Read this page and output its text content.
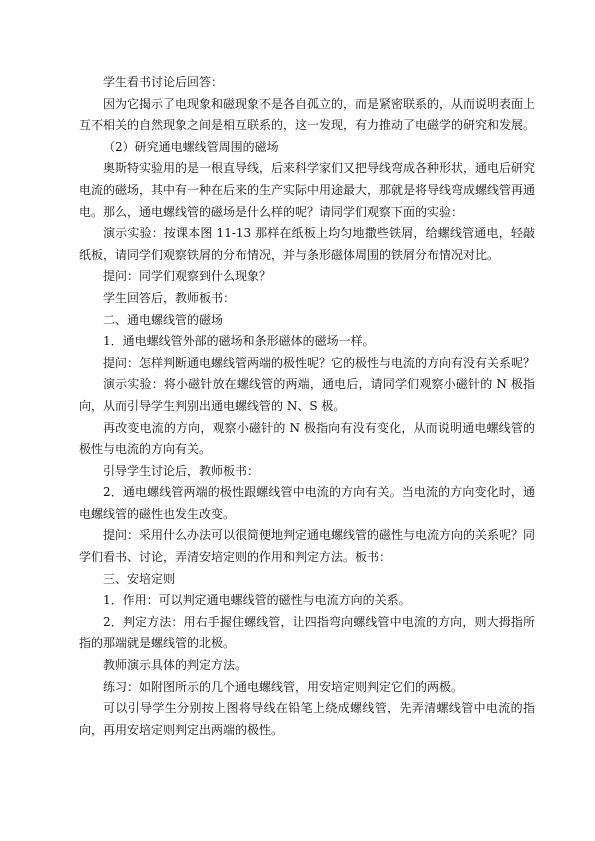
学生看书讨论后回答：

因为它揭示了电现象和磁现象不是各自孤立的，而是紧密联系的，从而说明表面上互不相关的自然现象之间是相互联系的，这一发现，有力推动了电磁学的研究和发展。

（2）研究通电螺线管周围的磁场

奥斯特实验用的是一根直导线，后来科学家们又把导线弯成各种形状，通电后研究电流的磁场，其中有一种在后来的生产实际中用途最大，那就是将导线弯成螺线管再通电。那么，通电螺线管的磁场是什么样的呢？请同学们观察下面的实验：

演示实验：按课本图 11-13 那样在纸板上均匀地撒些铁屑，给螺线管通电，轻敲纸板，请同学们观察铁屑的分布情况，并与条形磁体周围的铁屑分布情况对比。

提问：同学们观察到什么现象？

学生回答后，教师板书：

二、通电螺线管的磁场

1．通电螺线管外部的磁场和条形磁体的磁场一样。

提问：怎样判断通电螺线管两端的极性呢？它的极性与电流的方向有没有关系呢？

演示实验：将小磁针放在螺线管的两端，通电后，请同学们观察小磁针的 N 极指向，从而引导学生判别出通电螺线管的 N、S 极。

再改变电流的方向，观察小磁针的 N 极指向有没有变化，从而说明通电螺线管的极性与电流的方向有关。

引导学生讨论后，教师板书：

2．通电螺线管两端的极性跟螺线管中电流的方向有关。当电流的方向变化时，通电螺线管的磁性也发生改变。

提问：采用什么办法可以很简便地判定通电螺线管的磁性与电流方向的关系呢？同学们看书、讨论，弄清安培定则的作用和判定方法。板书：

三、安培定则

1．作用：可以判定通电螺线管的磁性与电流方向的关系。

2．判定方法：用右手握住螺线管，让四指弯向螺线管中电流的方向，则大拇指所指的那端就是螺线管的北极。

教师演示具体的判定方法。

练习：如附图所示的几个通电螺线管，用安培定则判定它们的两极。

可以引导学生分别按上图将导线在铅笔上绕成螺线管，先弄清螺线管中电流的指向，再用安培定则判定出两端的极性。
